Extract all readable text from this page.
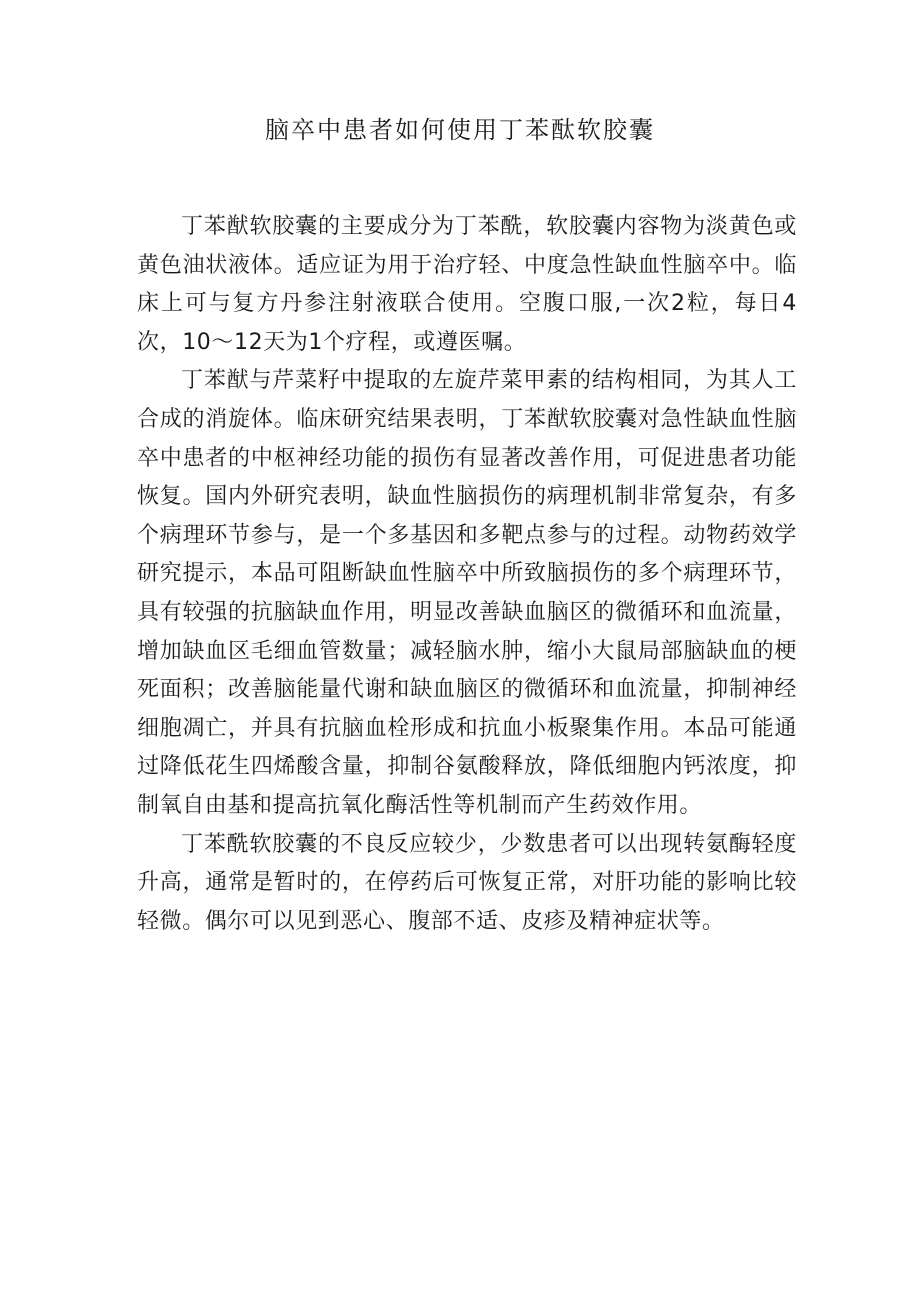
脑卒中患者如何使用丁苯酞软胶囊

丁苯猷软胶囊的主要成分为丁苯酰，软胶囊内容物为淡黄色或黄色油状液体。适应证为用于治疗轻、中度急性缺血性脑卒中。临床上可与复方丹参注射液联合使用。空腹口服,一次2粒，每日4次，10～12天为1个疗程，或遵医嘱。

丁苯猷与芹菜籽中提取的左旋芹菜甲素的结构相同，为其人工合成的消旋体。临床研究结果表明，丁苯猷软胶囊对急性缺血性脑卒中患者的中枢神经功能的损伤有显著改善作用，可促进患者功能恢复。国内外研究表明，缺血性脑损伤的病理机制非常复杂，有多个病理环节参与，是一个多基因和多靶点参与的过程。动物药效学研究提示，本品可阻断缺血性脑卒中所致脑损伤的多个病理环节，具有较强的抗脑缺血作用，明显改善缺血脑区的微循环和血流量，增加缺血区毛细血管数量；减轻脑水肿，缩小大鼠局部脑缺血的梗死面积；改善脑能量代谢和缺血脑区的微循环和血流量，抑制神经细胞凋亡，并具有抗脑血栓形成和抗血小板聚集作用。本品可能通过降低花生四烯酸含量，抑制谷氨酸释放，降低细胞内钙浓度，抑制氧自由基和提高抗氧化酶活性等机制而产生药效作用。

丁苯酰软胶囊的不良反应较少，少数患者可以出现转氨酶轻度升高，通常是暂时的，在停药后可恢复正常，对肝功能的影响比较轻微。偶尔可以见到恶心、腹部不适、皮疹及精神症状等。
